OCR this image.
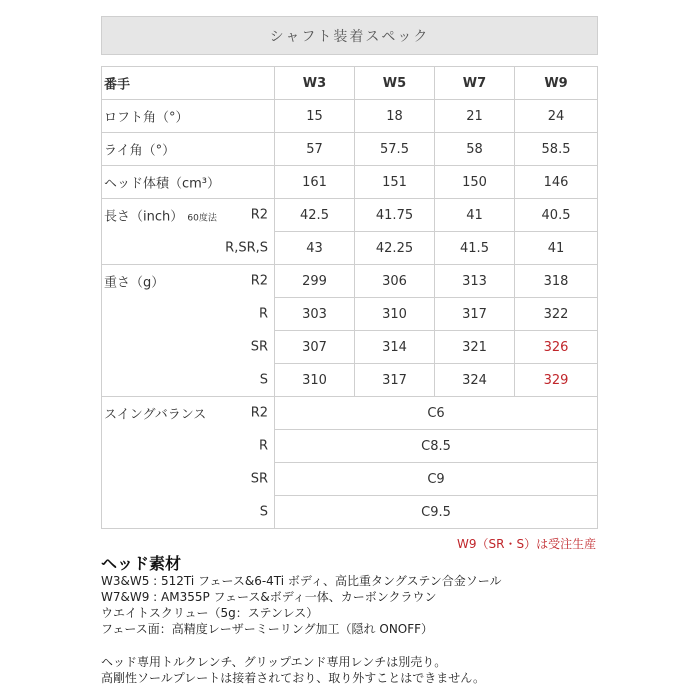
シャフト装着スペック				

番手	W3	W5	W7	W9

ロフト角（°）	15	18	21	24

ライ角（°）	57	57.5	58	58.5

ヘッド体積（cm³）	161	151	150	146

長さ（inch） 60度法 R2	42.5	41.75	41	40.5

R,SR,S	43	42.25	41.5	41

重さ（g） R2	299	306	313	318

R	303	310	317	322

SR	307	314	321	326

S	310	317	324	329

スイングバランス R2	C6			

R	C8.5			

SR	C9			

S	C9.5			
W9（SR・S）は受注生産
ヘッド素材
W3&W5 : 512Ti フェース&6-4Ti ボディ、高比重タングステン合金ソール
W7&W9 : AM355P フェース&ボディ一体、カーボンクラウン
ウエイトスクリュー（5g：ステンレス）
フェース面：高精度レーザーミーリング加工（隠れ ONOFF）
ヘッド専用トルクレンチ、グリップエンド専用レンチは別売り。
高剛性ソールプレートは接着されており、取り外すことはできません。
